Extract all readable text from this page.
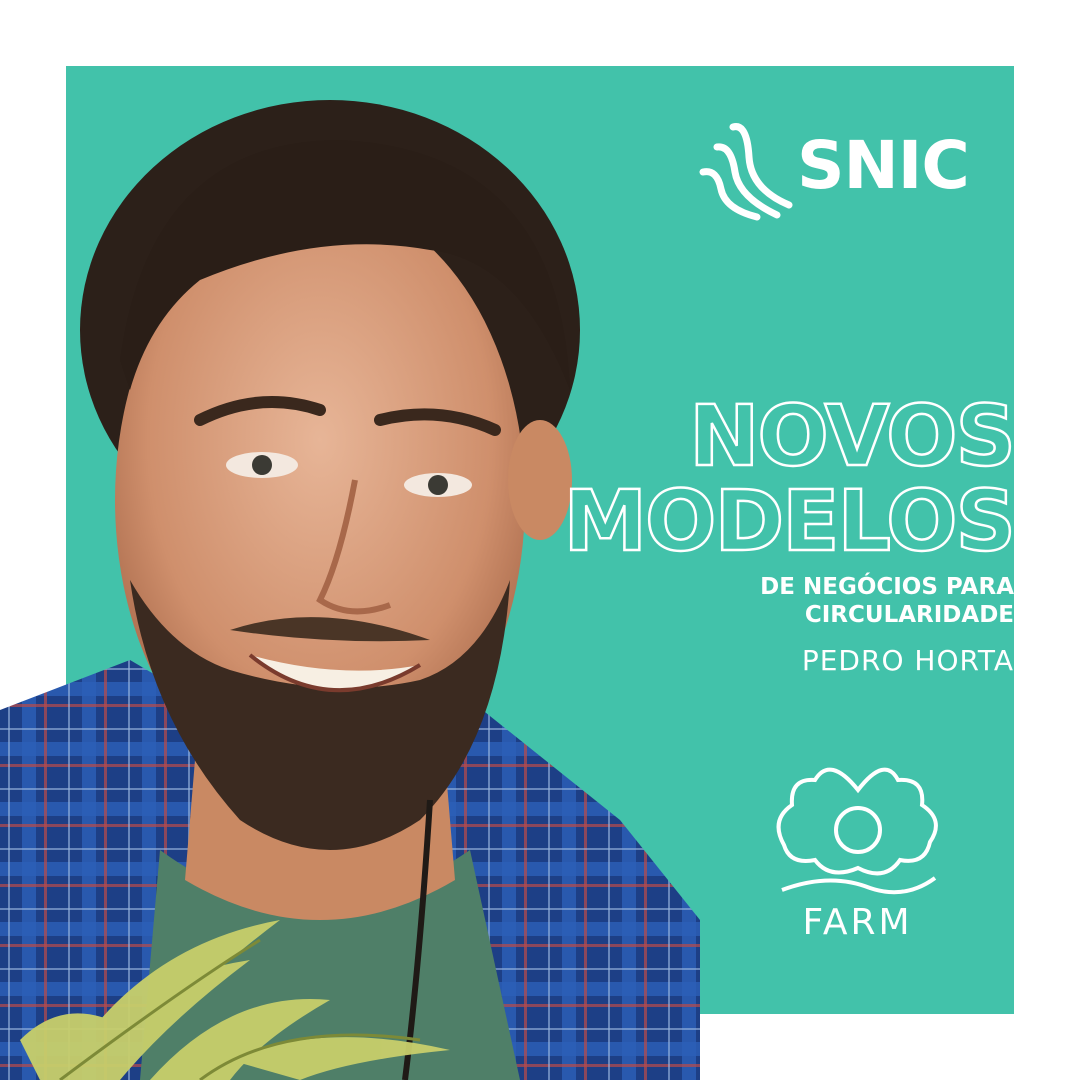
SNIC
NOVOS
MODELOS
DE NEGÓCIOS PARA
CIRCULARIDADE
PEDRO HORTA
FARM
